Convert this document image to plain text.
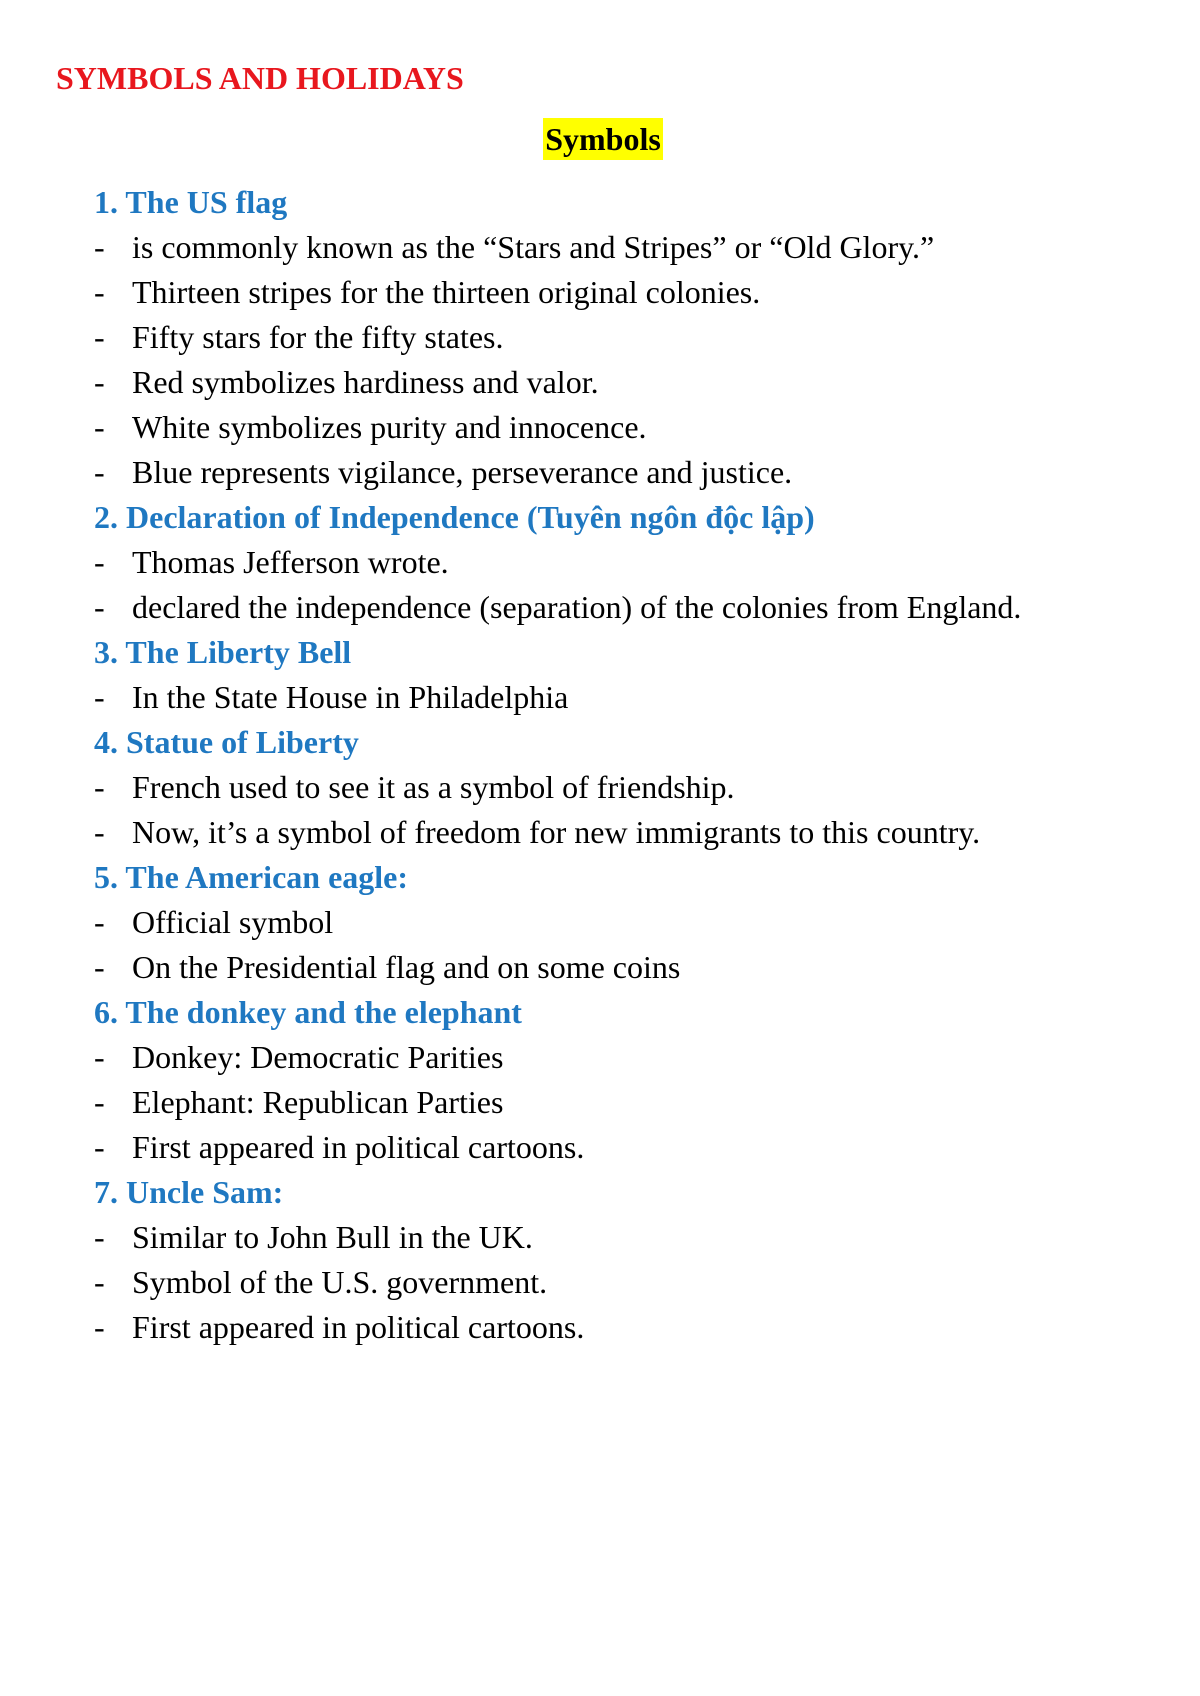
SYMBOLS AND HOLIDAYS
Symbols
1. The US flag
- is commonly known as the “Stars and Stripes” or “Old Glory.”
- Thirteen stripes for the thirteen original colonies.
- Fifty stars for the fifty states.
- Red symbolizes hardiness and valor.
- White symbolizes purity and innocence.
- Blue represents vigilance, perseverance and justice.
2. Declaration of Independence (Tuyên ngôn độc lập)
- Thomas Jefferson wrote.
- declared the independence (separation) of the colonies from England.
3. The Liberty Bell
- In the State House in Philadelphia
4. Statue of Liberty
- French used to see it as a symbol of friendship.
- Now, it’s a symbol of freedom for new immigrants to this country.
5. The American eagle:
- Official symbol
- On the Presidential flag and on some coins
6. The donkey and the elephant
- Donkey: Democratic Parities
- Elephant: Republican Parties
- First appeared in political cartoons.
7. Uncle Sam:
- Similar to John Bull in the UK.
- Symbol of the U.S. government.
- First appeared in political cartoons.
